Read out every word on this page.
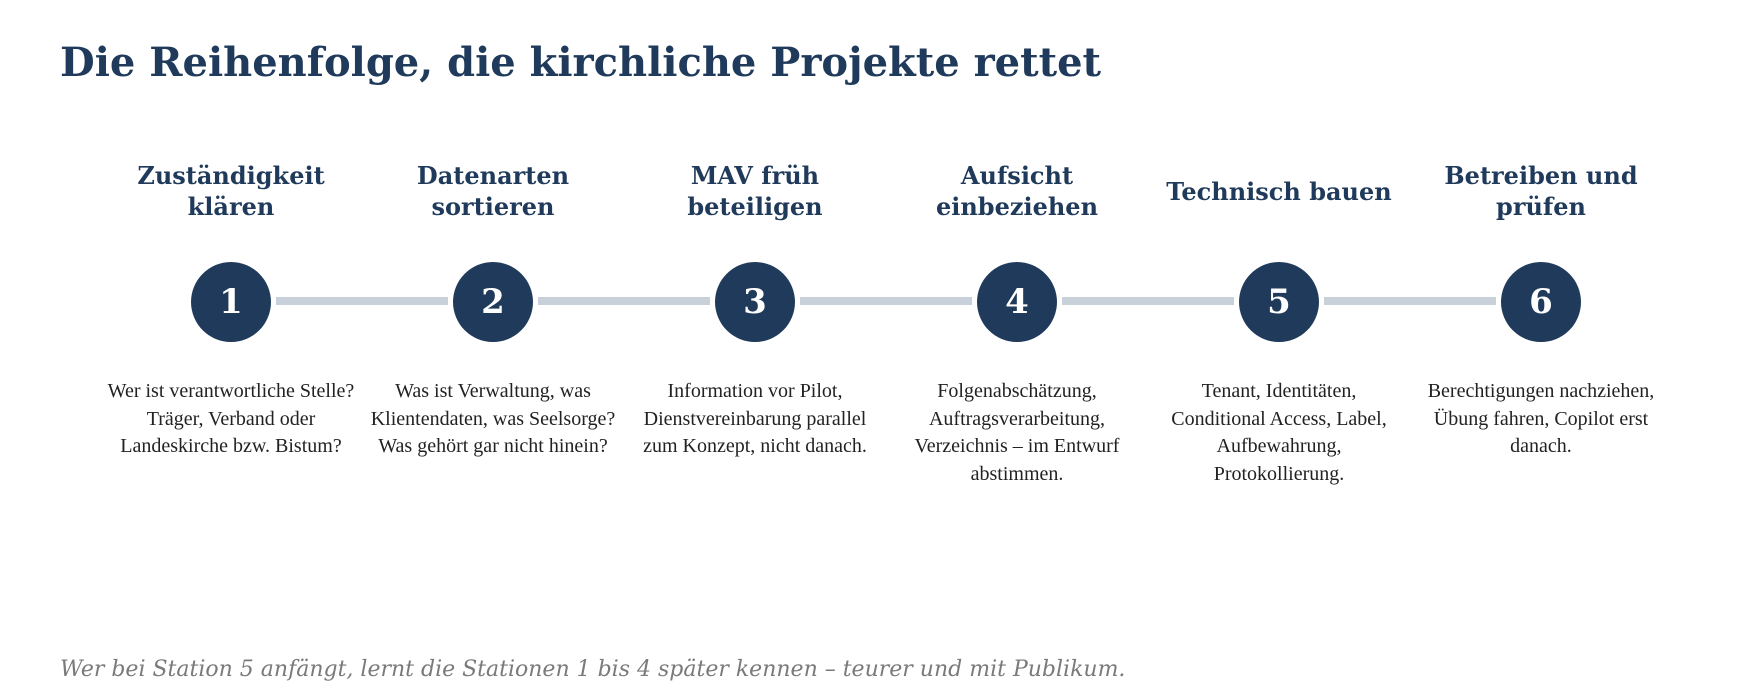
Die Reihenfolge, die kirchliche Projekte rettet
Zuständigkeit klären
1
Wer ist verantwortliche Stelle? Träger, Verband oder Landeskirche bzw. Bistum?
Datenarten sortieren
2
Was ist Verwaltung, was Klientendaten, was Seelsorge? Was gehört gar nicht hinein?
MAV früh beteiligen
3
Information vor Pilot, Dienstvereinbarung parallel zum Konzept, nicht danach.
Aufsicht einbeziehen
4
Folgenabschätzung, Auftragsverarbeitung, Verzeichnis – im Entwurf abstimmen.
Technisch bauen
5
Tenant, Identitäten, Conditional Access, Label, Aufbewahrung, Protokollierung.
Betreiben und prüfen
6
Berechtigungen nachziehen, Übung fahren, Copilot erst danach.

Wer bei Station 5 anfängt, lernt die Stationen 1 bis 4 später kennen – teurer und mit Publikum.
